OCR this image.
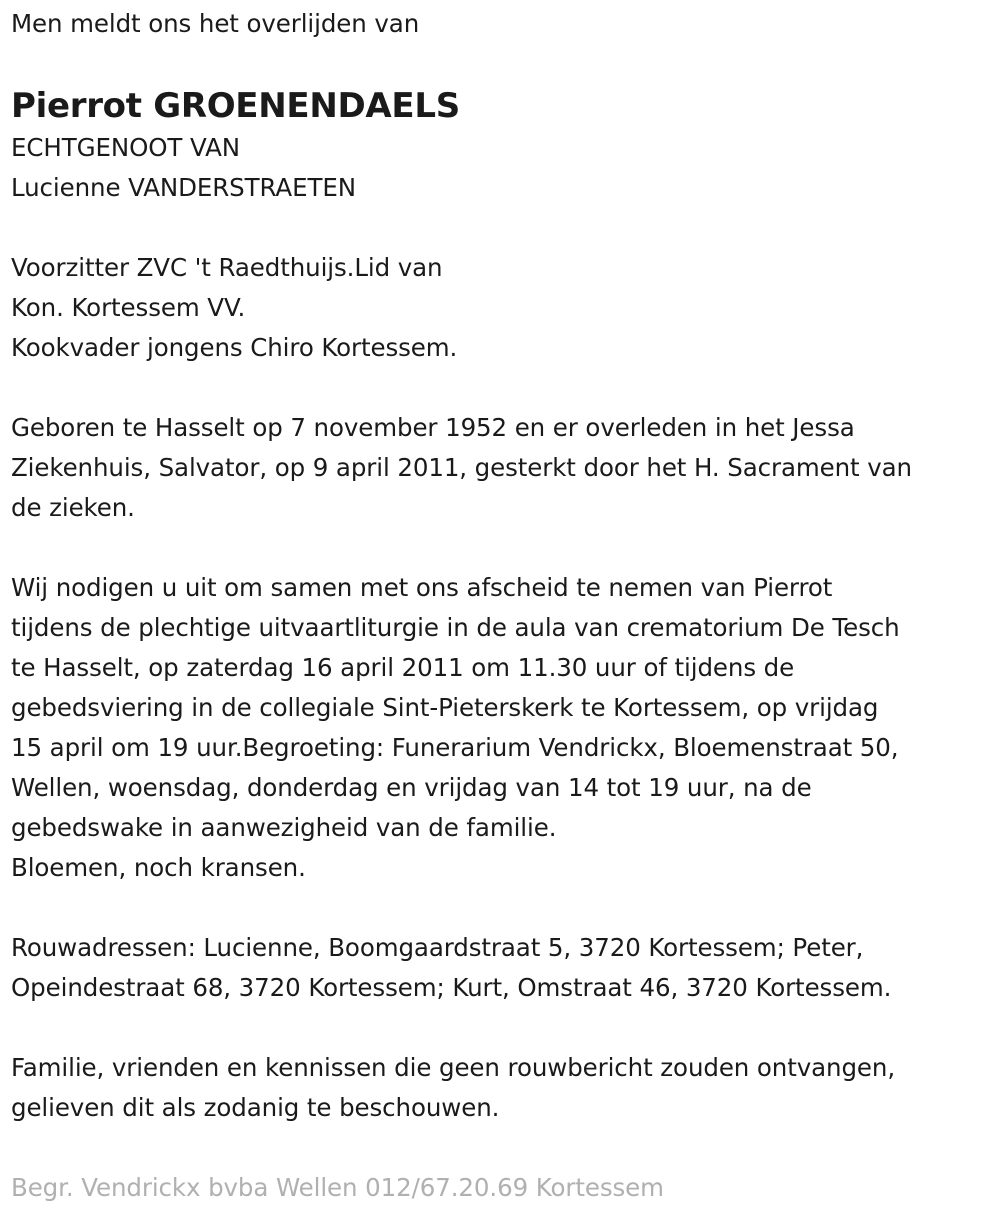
Men meldt ons het overlijden van
Pierrot GROENENDAELS
ECHTGENOOT VAN
Lucienne VANDERSTRAETEN
Voorzitter ZVC 't Raedthuijs.Lid van
Kon. Kortessem VV.
Kookvader jongens Chiro Kortessem.
Geboren te Hasselt op 7 november 1952 en er overleden in het Jessa
Ziekenhuis, Salvator, op 9 april 2011, gesterkt door het H. Sacrament van
de zieken.
Wij nodigen u uit om samen met ons afscheid te nemen van Pierrot
tijdens de plechtige uitvaartliturgie in de aula van crematorium De Tesch
te Hasselt, op zaterdag 16 april 2011 om 11.30 uur of tijdens de
gebedsviering in de collegiale Sint-Pieterskerk te Kortessem, op vrijdag
15 april om 19 uur.Begroeting: Funerarium Vendrickx, Bloemenstraat 50,
Wellen, woensdag, donderdag en vrijdag van 14 tot 19 uur, na de
gebedswake in aanwezigheid van de familie.
Bloemen, noch kransen.
Rouwadressen: Lucienne, Boomgaardstraat 5, 3720 Kortessem; Peter,
Opeindestraat 68, 3720 Kortessem; Kurt, Omstraat 46, 3720 Kortessem.
Familie, vrienden en kennissen die geen rouwbericht zouden ontvangen,
gelieven dit als zodanig te beschouwen.
Begr. Vendrickx bvba Wellen 012/67.20.69 Kortessem
